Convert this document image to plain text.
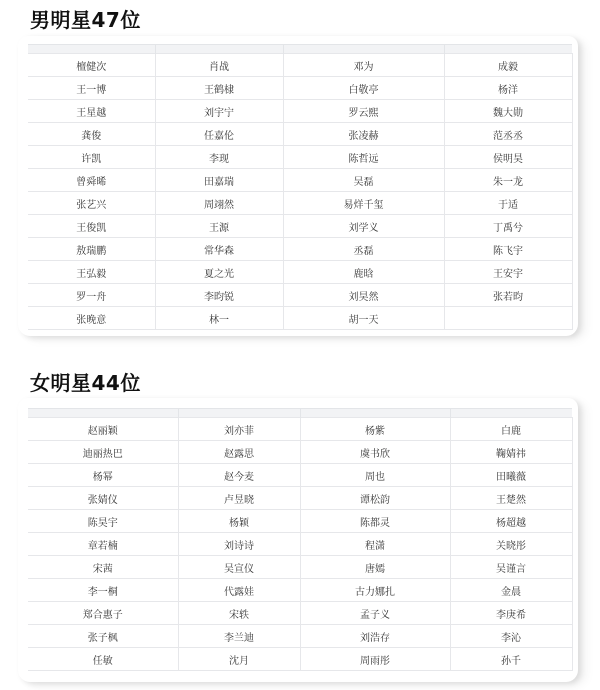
男明星47位

檀健次	肖战	邓为	成毅
王一博	王鹤棣	白敬亭	杨洋
王星越	刘宇宁	罗云熙	魏大勋
龚俊	任嘉伦	张凌赫	范丞丞
许凯	李现	陈哲远	侯明昊
曾舜晞	田嘉瑞	吴磊	朱一龙
张艺兴	周翊然	易烊千玺	于适
王俊凯	王源	刘学义	丁禹兮
敖瑞鹏	常华森	丞磊	陈飞宇
王弘毅	夏之光	鹿晗	王安宇
罗一舟	李昀锐	刘昊然	张若昀
张晚意	林一	胡一天	
女明星44位

赵丽颖	刘亦菲	杨紫	白鹿
迪丽热巴	赵露思	虞书欣	鞠婧祎
杨幂	赵今麦	周也	田曦薇
张婧仪	卢昱晓	谭松韵	王楚然
陈昊宇	杨颖	陈都灵	杨超越
章若楠	刘诗诗	程潇	关晓彤
宋茜	吴宣仪	唐嫣	吴谨言
李一桐	代露娃	古力娜扎	金晨
郑合惠子	宋轶	孟子义	李庚希
张子枫	李兰迪	刘浩存	李沁
任敏	沈月	周雨彤	孙千
